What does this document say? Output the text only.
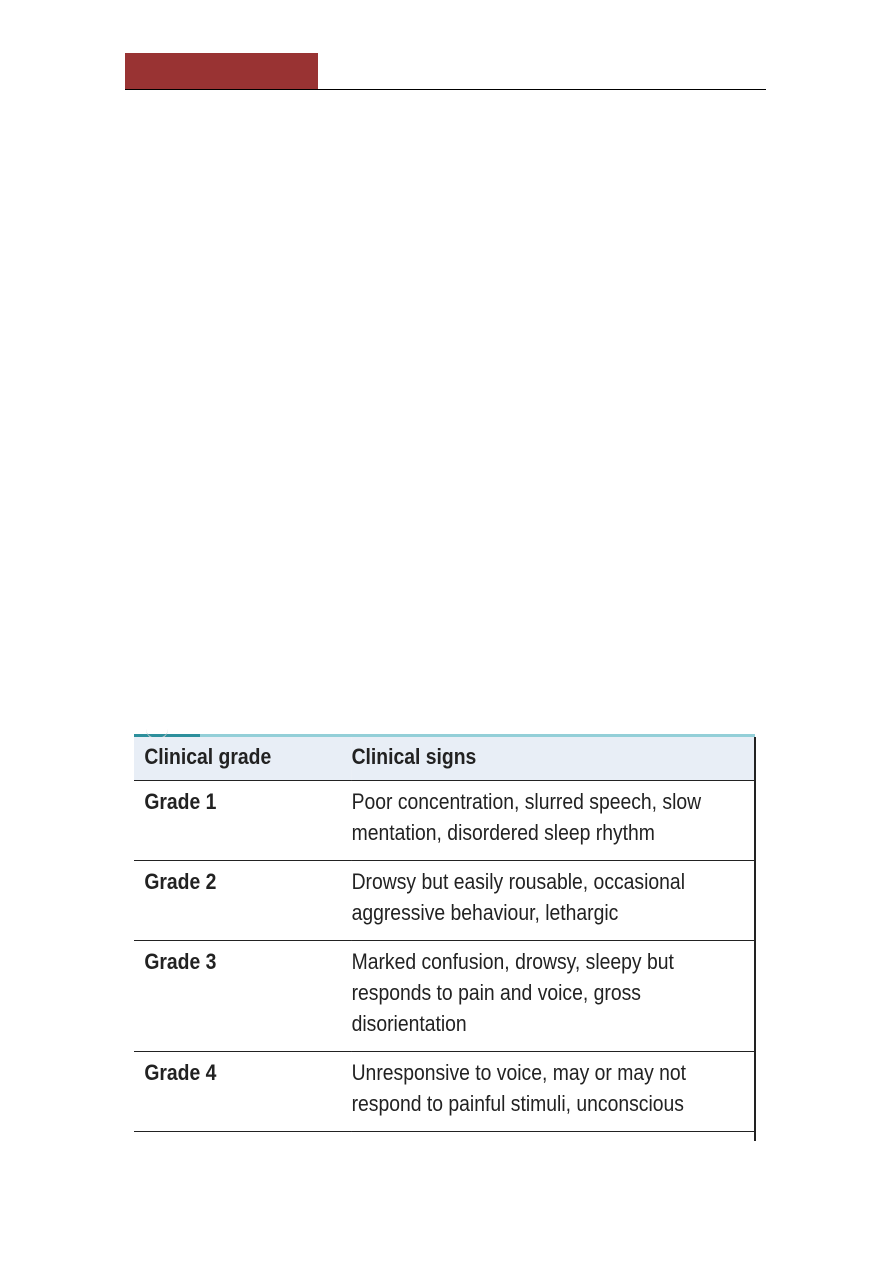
Clinical grade	Clinical signs
Grade 1	Poor concentration, slurred speech, slow
mentation, disordered sleep rhythm

Grade 2	Drowsy but easily rousable, occasional
aggressive behaviour, lethargic

Grade 3	Marked confusion, drowsy, sleepy but
responds to pain and voice, gross
disorientation

Grade 4	Unresponsive to voice, may or may not
respond to painful stimuli, unconscious
